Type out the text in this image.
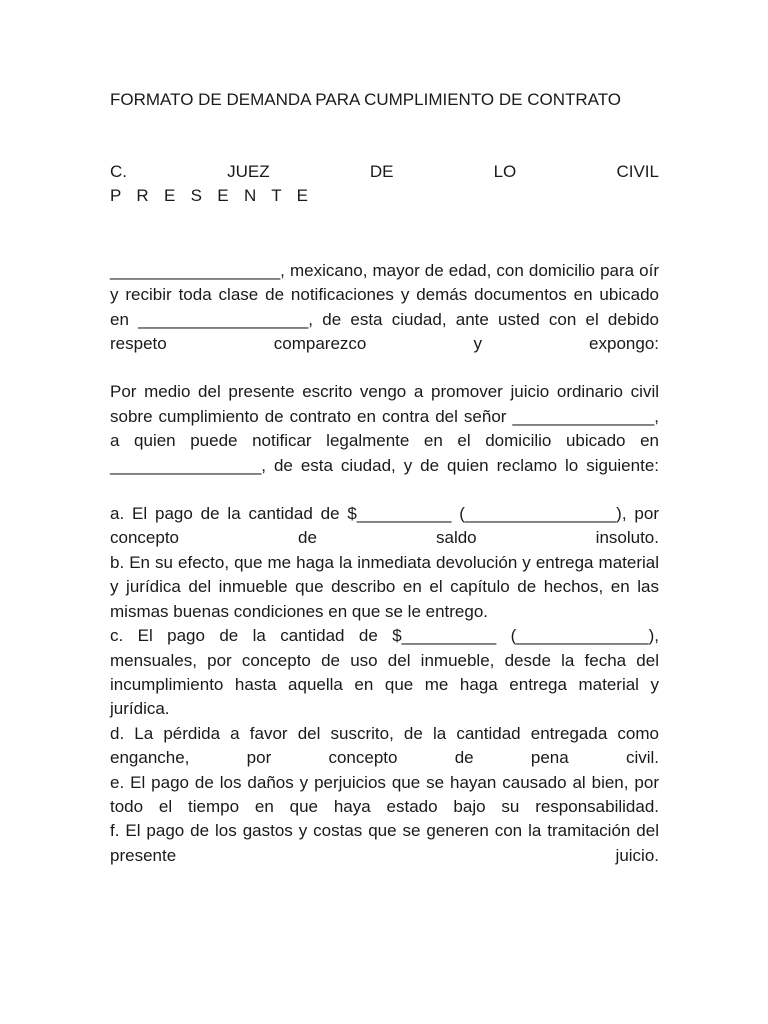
FORMATO DE DEMANDA PARA CUMPLIMIENTO DE CONTRATO
C.	JUEZ	DE	LO	CIVIL
P R E S E N T E

__________________, mexicano, mayor de edad, con domicilio para oír y recibir toda clase de notificaciones y demás documentos en ubicado en __________________, de esta ciudad, ante usted con el debido respeto comparezco y expongo:

Por medio del presente escrito vengo a promover juicio ordinario civil sobre cumplimiento de contrato en contra del señor _______________, a quien puede notificar legalmente en el domicilio ubicado en ________________, de esta ciudad, y de quien reclamo lo siguiente:

a. El pago de la cantidad de $__________ (________________), por concepto de saldo insoluto.

b. En su efecto, que me haga la inmediata devolución y entrega material y jurídica del inmueble que describo en el capítulo de hechos, en las mismas buenas condiciones en que se le entrego.

c. El pago de la cantidad de $__________ (______________), mensuales, por concepto de uso del inmueble, desde la fecha del incumplimiento hasta aquella en que me haga entrega material y jurídica.

d. La pérdida a favor del suscrito, de la cantidad entregada como enganche, por concepto de pena civil.

e. El pago de los daños y perjuicios que se hayan causado al bien, por todo el tiempo en que haya estado bajo su responsabilidad.

f. El pago de los gastos y costas que se generen con la tramitación del presente juicio.
